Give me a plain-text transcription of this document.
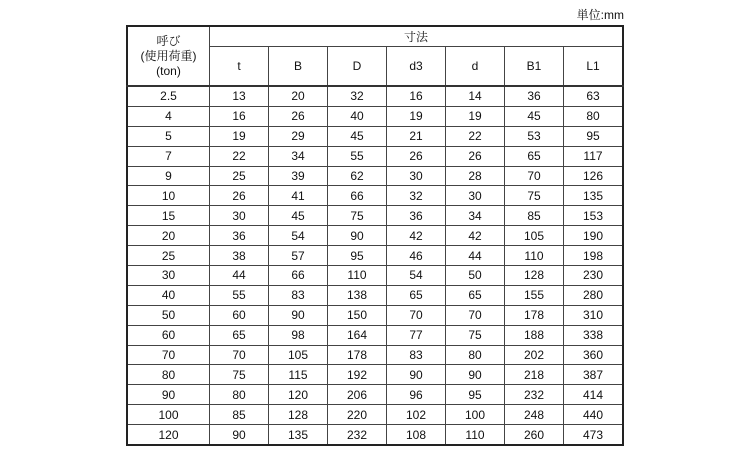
単位:mm
呼び
(使用荷重)
(ton)	寸法						
	t	B	D	d3	d	B1	L1
2.5	13	20	32	16	14	36	63
4	16	26	40	19	19	45	80
5	19	29	45	21	22	53	95
7	22	34	55	26	26	65	117
9	25	39	62	30	28	70	126
10	26	41	66	32	30	75	135
15	30	45	75	36	34	85	153
20	36	54	90	42	42	105	190
25	38	57	95	46	44	110	198
30	44	66	110	54	50	128	230
40	55	83	138	65	65	155	280
50	60	90	150	70	70	178	310
60	65	98	164	77	75	188	338
70	70	105	178	83	80	202	360
80	75	115	192	90	90	218	387
90	80	120	206	96	95	232	414
100	85	128	220	102	100	248	440
120	90	135	232	108	110	260	473
